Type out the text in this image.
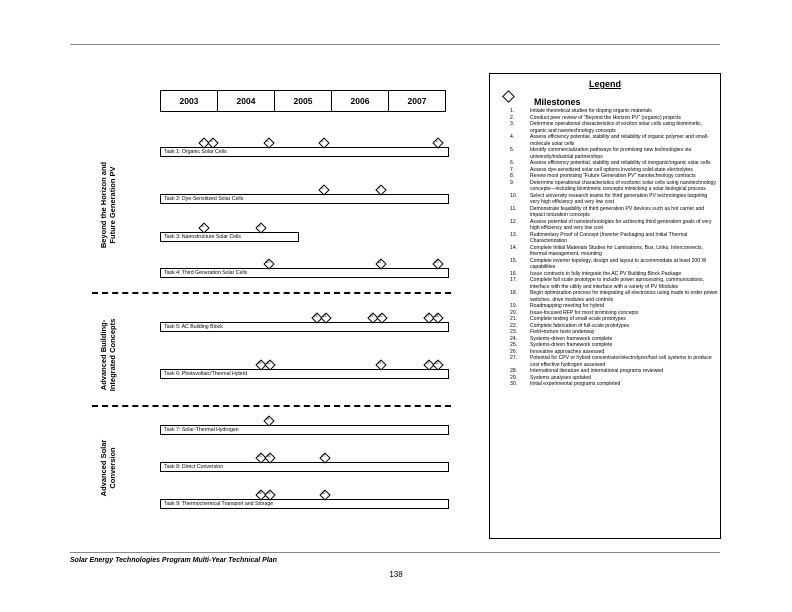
2003	2004	2005	2006	2007
Beyond the Horizon and
Future Generation PV
Advanced Building-
Integrated Concepts
Advanced Solar
Conversion
Task 1: Organic Solar Cells
Task 2: Dye-Sensitized Solar Cells
Task 3: Nanostructure Solar Cells
Task 4: Third Generation Solar Cells
Task 5: AC Building Block
Task 6: Photovoltaic/Thermal Hybrid
Task 7: Solar-Thermal Hydrogen
Task 8: Direct Conversion
Task 9: Thermochemical Transport and Storage
1	2	3	4	5
6	7
8	9
10	11	12
13	14	15	16	17	18
19	20	21	22	23
24
25	26	27
28	29	30
Legend
Milestones
1.	Initiate theoretical studies for doping organic materials
2.	Conduct peer review of “Beyond the Horizon PV” (organic) projects
3.	Determine operational characteristics of exciton solar cells using biomimetic, organic and nanotechnology concepts
4.	Assess efficiency potential, stability and reliability of organic polymer and small-molecule solar cells
5.	Identify commercialization pathways for promising new technologies via university/industrial partnerships
6.	Assess efficiency potential, stability and reliability of inorganic/organic solar cells
7.	Assess dye-sensitized solar cell options involving solid-state electrolytes
8.	Renew most promising “Future Generation PV” nanotechnology contracts
9.	Determine operational characteristics of excitonic solar cells using nanotechnology concepts—including biomimetic concepts mimicking a solar biological process
10.	Select university research teams for third generation PV technologies targeting very high efficiency and very low cost
11.	Demonstrate feasibility of third generation PV devices such as hot carrier and impact ionization concepts
12.	Assess potential of nanotechnologies for achieving third generation goals of very high efficiency and very low cost
13.	Rudimentary Proof of Concept (Inverter Packaging and Initial Thermal Characterization
14.	Complete Initial Materials Studies for Laminations, Bus, Links, Interconnects, thermal management, mounting
15.	Complete inverter topology, design and layout to accommodate at least 200 W capabilities
16.	Issue contracts to fully integrate the AC PV Building Block Package
17.	Complete full scale prototype to include power aprocessing, communications, interface with the utility and interface with a variety of PV Modules
18.	Begin optimization process for integrating all electronics using made to order power switches, drive modules and controls
19.	Roadmapping meeting for hybrid
20.	Issue-focused RFP for most promising concepts
21.	Complete testing of small-scale prototypes
22.	Complete fabrication of full-scale prototypes
23.	Field+torture tests underway
24.	Systems-driven framework complete
25.	Systems-driven framework complete
26.	Innovative approaches assessed
27.	Potential for CPV or hybrid concentrator/electrolyzer/fuel cell systems to produce cost effective hydrogen assessed
28.	International literature and international programs reviewed
29.	Systems analyses updated
30.	Initial experimental programs completed
Solar Energy Technologies Program Multi-Year Technical Plan
138
